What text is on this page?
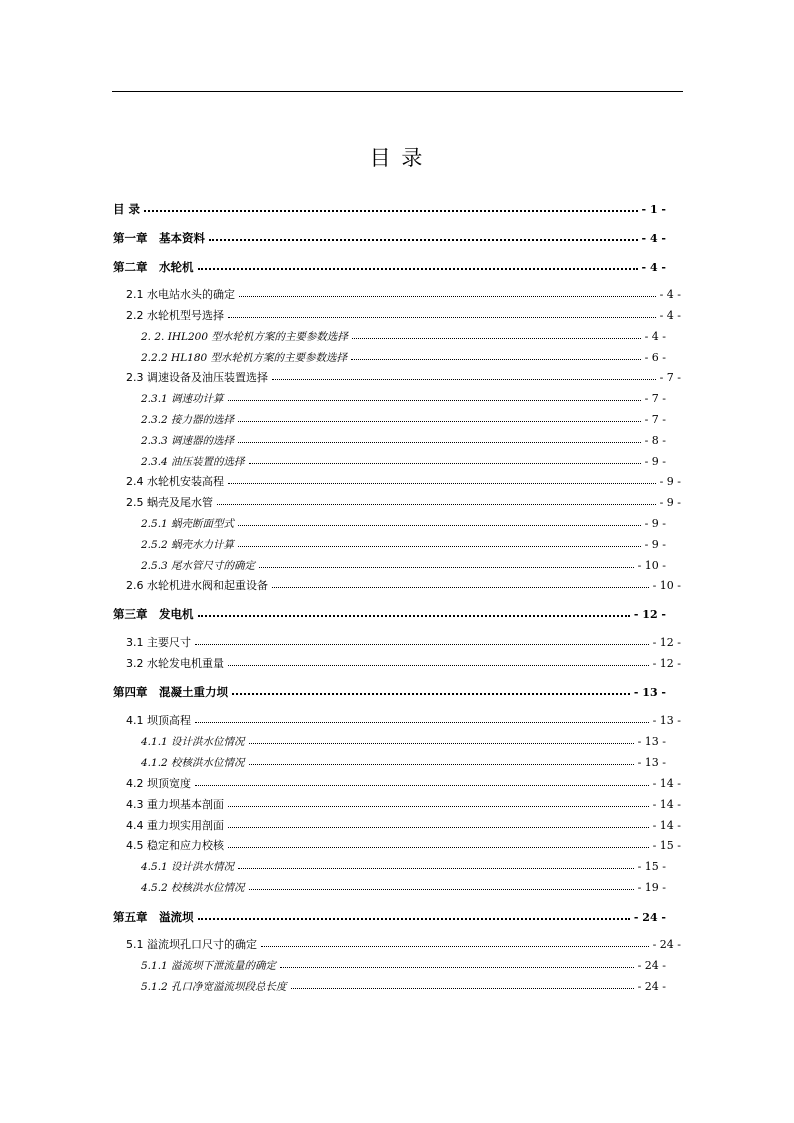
目 录
目 录	- 1 -
第一章　基本资料	- 4 -
第二章　水轮机	- 4 -
2.1 水电站水头的确定	- 4 -
2.2 水轮机型号选择	- 4 -
2. 2. IHL200 型水轮机方案的主要参数选择	- 4 -
2.2.2 HL180 型水轮机方案的主要参数选择	- 6 -
2.3 调速设备及油压装置选择	- 7 -
2.3.1 调速功计算	- 7 -
2.3.2 接力器的选择	- 7 -
2.3.3 调速器的选择	- 8 -
2.3.4 油压装置的选择	- 9 -
2.4 水轮机安装高程	- 9 -
2.5 蜗壳及尾水管	- 9 -
2.5.1 蜗壳断面型式	- 9 -
2.5.2 蜗壳水力计算	- 9 -
2.5.3 尾水管尺寸的确定	- 10 -
2.6 水轮机进水阀和起重设备	- 10 -
第三章　发电机	- 12 -
3.1 主要尺寸	- 12 -
3.2 水轮发电机重量	- 12 -
第四章　混凝土重力坝	- 13 -
4.1 坝顶高程	- 13 -
4.1.1 设计洪水位情况	- 13 -
4.1.2 校核洪水位情况	- 13 -
4.2 坝顶宽度	- 14 -
4.3 重力坝基本剖面	- 14 -
4.4 重力坝实用剖面	- 14 -
4.5 稳定和应力校核	- 15 -
4.5.1 设计洪水情况	- 15 -
4.5.2 校核洪水位情况	- 19 -
第五章　溢流坝	- 24 -
5.1 溢流坝孔口尺寸的确定	- 24 -
5.1.1 溢流坝下泄流量的确定	- 24 -
5.1.2 孔口净宽溢流坝段总长度	- 24 -
